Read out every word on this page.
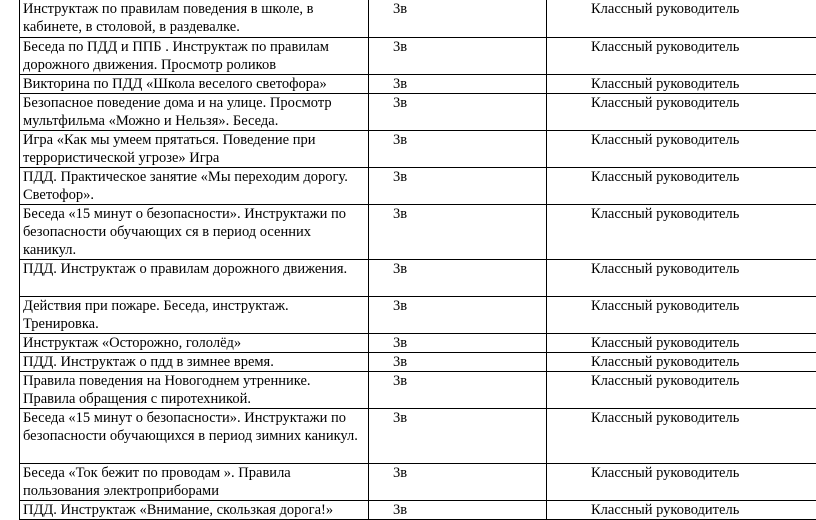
Инструктаж по правилам поведения в школе, в кабинете, в столовой, в раздевалке.	3в	Классный руководитель
Беседа по ПДД и ППБ . Инструктаж по правилам дорожного движения. Просмотр роликов	3в	Классный руководитель
Викторина по ПДД «Школа веселого светофора»	3в	Классный руководитель
Безопасное поведение дома и на улице. Просмотр мультфильма «Можно и Нельзя». Беседа.	3в	Классный руководитель
Игра «Как мы умеем прятаться. Поведение при террористической угрозе» Игра	3в	Классный руководитель
ПДД. Практическое занятие «Мы переходим дорогу. Светофор».	3в	Классный руководитель
Беседа «15 минут о безопасности». Инструктажи по безопасности обучающих ся в период осенних каникул.	3в	Классный руководитель
ПДД. Инструктаж о правилам дорожного движения.	3в	Классный руководитель
Действия при пожаре. Беседа, инструктаж. Тренировка.	3в	Классный руководитель
Инструктаж «Осторожно, гололёд»	3в	Классный руководитель
ПДД. Инструктаж о пдд в зимнее время.	3в	Классный руководитель
Правила поведения на Новогоднем утреннике. Правила обращения с пиротехникой.	3в	Классный руководитель
Беседа «15 минут о безопасности». Инструктажи по безопасности обучающихся в период зимних каникул.	3в	Классный руководитель
Беседа «Ток бежит по проводам ». Правила пользования электроприборами	3в	Классный руководитель
ПДД. Инструктаж «Внимание, скользкая дорога!»	3в	Классный руководитель
